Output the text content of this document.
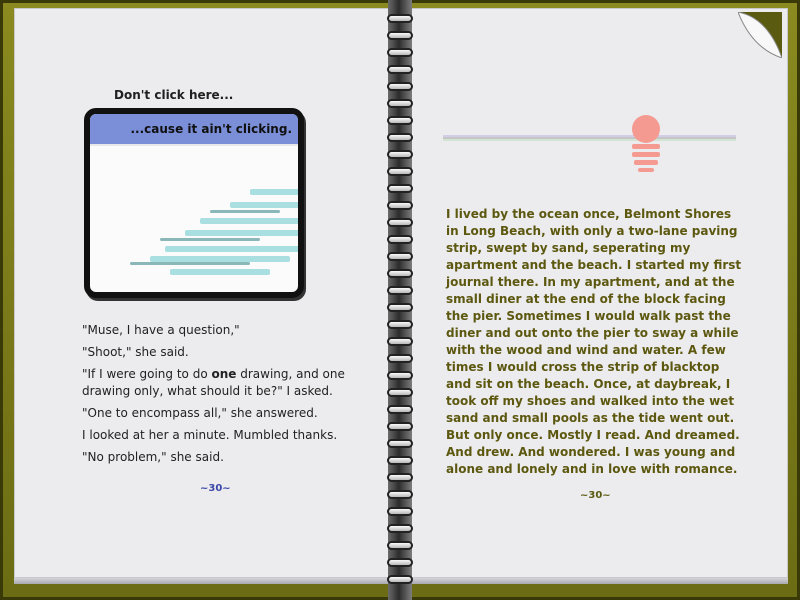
Don't click here...
...cause it ain't clicking.

"Muse, I have a question,"

"Shoot," she said.

"If I were going to do one drawing, and one drawing only, what should it be?" I asked.

"One to encompass all," she answered.

I looked at her a minute. Mumbled thanks.

"No problem," she said.

~30~
I lived by the ocean once, Belmont Shores in Long Beach, with only a two-lane paving strip, swept by sand, seperating my apartment and the beach. I started my first journal there. In my apartment, and at the small diner at the end of the block facing the pier. Sometimes I would walk past the diner and out onto the pier to sway a while with the wood and wind and water. A few times I would cross the strip of blacktop and sit on the beach. Once, at daybreak, I took off my shoes and walked into the wet sand and small pools as the tide went out. But only once. Mostly I read. And dreamed. And drew. And wondered. I was young and alone and lonely and in love with romance.
~30~
